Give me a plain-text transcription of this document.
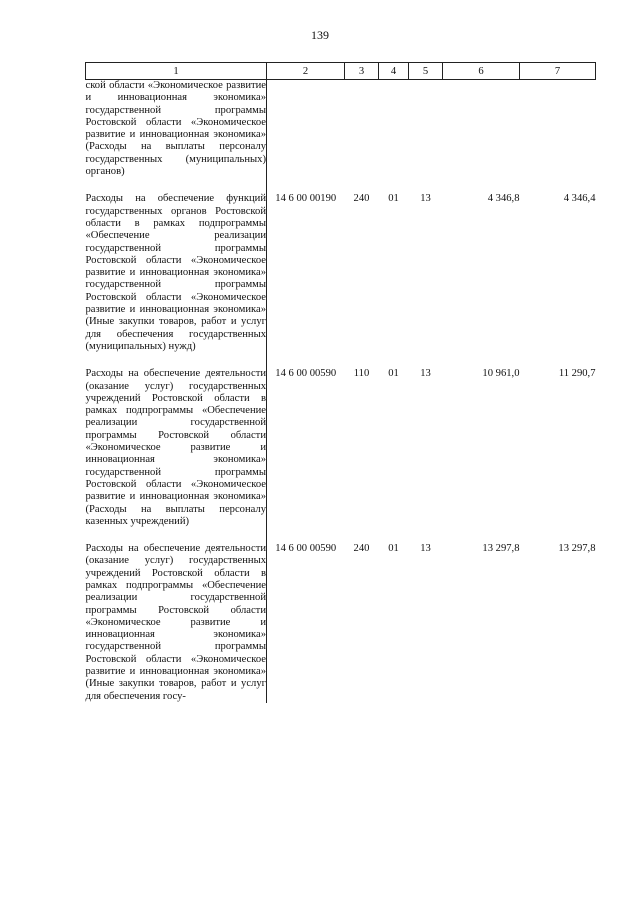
139
1	2	3	4	5	6	7
ской области «Экономическое развитие и инновационная экономика» государственной программы Ростовской области «Экономическое развитие и инновационная экономика» (Расходы на выплаты персоналу государственных (муниципальных) органов)						

Расходы на обеспечение функций государственных органов Ростовской области в рамках подпрограммы «Обеспечение реализации государственной программы Ростовской области «Экономическое развитие и инновационная экономика» государственной программы Ростовской области «Экономическое развитие и инновационная экономика» (Иные закупки товаров, работ и услуг для обеспечения государственных (муниципальных) нужд)	14 6 00 00190	240	01	13	4 346,8	4 346,4

Расходы на обеспечение деятельности (оказание услуг) государственных учреждений Ростовской области в рамках подпрограммы «Обеспечение реализации государственной программы Ростовской области «Экономическое развитие и инновационная экономика» государственной программы Ростовской области «Экономическое развитие и инновационная экономика» (Расходы на выплаты персоналу казенных учреждений)	14 6 00 00590	110	01	13	10 961,0	11 290,7

Расходы на обеспечение деятельности (оказание услуг) государственных учреждений Ростовской области в рамках подпрограммы «Обеспечение реализации государственной программы Ростовской области «Экономическое развитие и инновационная экономика» государственной программы Ростовской области «Экономическое развитие и инновационная экономика» (Иные закупки товаров, работ и услуг для обеспечения госу-	14 6 00 00590	240	01	13	13 297,8	13 297,8
